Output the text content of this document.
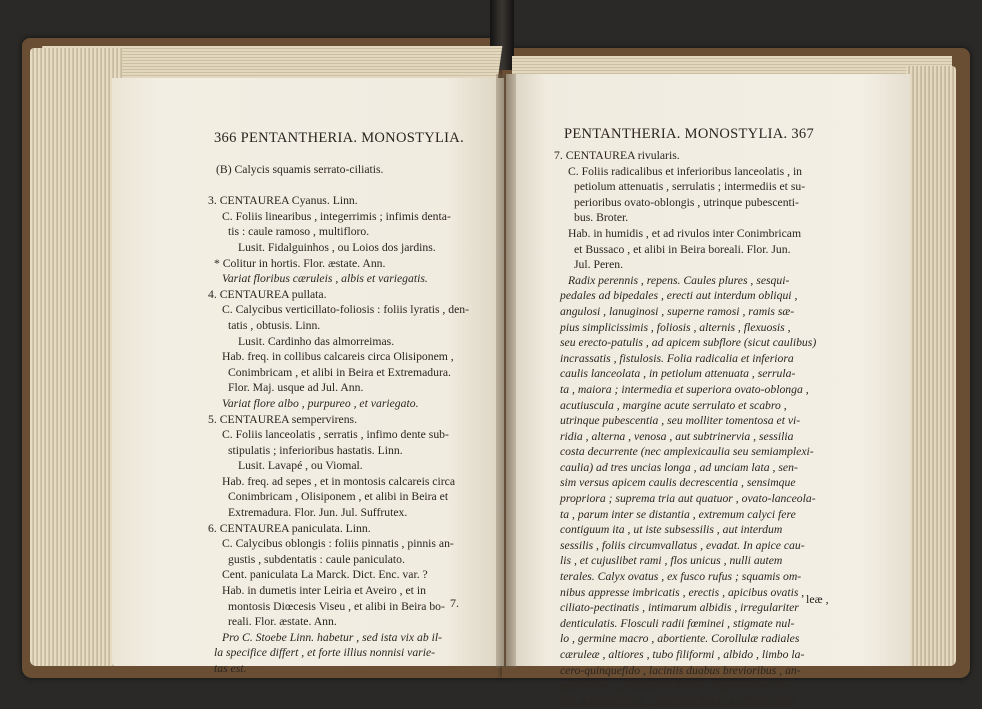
366 PENTANTHERIA. MONOSTYLIA.
(B) Calycis squamis serrato-ciliatis.
3. CENTAUREA Cyanus. Linn.
C. Foliis linearibus , integerrimis ; infimis denta-
tis : caule ramoso , multifloro.
Lusit. Fidalguinhos , ou Loios dos jardins.
* Colitur in hortis. Flor. æstate. Ann.
Variat floribus cæruleis , albis et variegatis.
4. CENTAUREA pullata.
C. Calycibus verticillato-foliosis : foliis lyratis , den-
tatis , obtusis. Linn.
Lusit. Cardinho das almorreimas.
Hab. freq. in collibus calcareis circa Olisiponem ,
Conimbricam , et alibi in Beira et Extremadura.
Flor. Maj. usque ad Jul. Ann.
Variat flore albo , purpureo , et variegato.
5. CENTAUREA sempervirens.
C. Foliis lanceolatis , serratis , infimo dente sub-
stipulatis ; inferioribus hastatis. Linn.
Lusit. Lavapé , ou Viomal.
Hab. freq. ad sepes , et in montosis calcareis circa
Conimbricam , Olisiponem , et alibi in Beira et
Extremadura. Flor. Jun. Jul. Suffrutex.
6. CENTAUREA paniculata. Linn.
C. Calycibus oblongis : foliis pinnatis , pinnis an-
gustis , subdentatis : caule paniculato.
Cent. paniculata La Marck. Dict. Enc. var. ?
Hab. in dumetis inter Leiria et Aveiro , et in
montosis Diœcesis Viseu , et alibi in Beira bo-
reali. Flor. æstate. Ann.
Pro C. Stoebe Linn. habetur , sed ista vix ab il-
la specifice differt , et forte illius nonnisi varie-
tas est.
7.
PENTANTHERIA. MONOSTYLIA. 367
7. CENTAUREA rivularis.
C. Foliis radicalibus et inferioribus lanceolatis , in
petiolum attenuatis , serrulatis ; intermediis et su-
perioribus ovato-oblongis , utrinque pubescenti-
bus. Broter.
Hab. in humidis , et ad rivulos inter Conimbricam
et Bussaco , et alibi in Beira boreali. Flor. Jun.
Jul. Peren.
Radix perennis , repens. Caules plures , sesqui-
pedales ad bipedales , erecti aut interdum obliqui ,
angulosi , lanuginosi , superne ramosi , ramis sæ-
pius simplicissimis , foliosis , alternis , flexuosis ,
seu erecto-patulis , ad apicem subflore (sicut caulibus)
incrassatis , fistulosis. Folia radicalia et inferiora
caulis lanceolata , in petiolum attenuata , serrula-
ta , maiora ; intermedia et superiora ovato-oblonga ,
acutiuscula , margine acute serrulato et scabro ,
utrinque pubescentia , seu molliter tomentosa et vi-
ridia , alterna , venosa , aut subtrinervia , sessilia
costa decurrente (nec amplexicaulia seu semiamplexi-
caulia) ad tres uncias longa , ad unciam lata , sen-
sim versus apicem caulis decrescentia , sensimque
propriora ; suprema tria aut quatuor , ovato-lanceola-
ta , parum inter se distantia , extremum calyci fere
contiguum ita , ut iste subsessilis , aut interdum
sessilis , foliis circumvallatus , evadat. In apice cau-
lis , et cujuslibet rami , flos unicus , nulli autem
terales. Calyx ovatus , ex fusco rufus ; squamis om-
nibus appresse imbricatis , erectis , apicibus ovatis ,
ciliato-pectinatis , intimarum albidis , irregulariter
denticulatis. Flosculi radii fœminei , stigmate nul-
lo , germine macro , abortiente. Corollulæ radiales
cæruleæ , altiores , tubo filiformi , albido , limbo la-
cero-quinquefido , laciniis duabus brevioribus , an-
gustioribus , profundius divisis , superioribus tri-
bus subæqualibus ; corollula disci ex albido-cæru-
leæ ,
